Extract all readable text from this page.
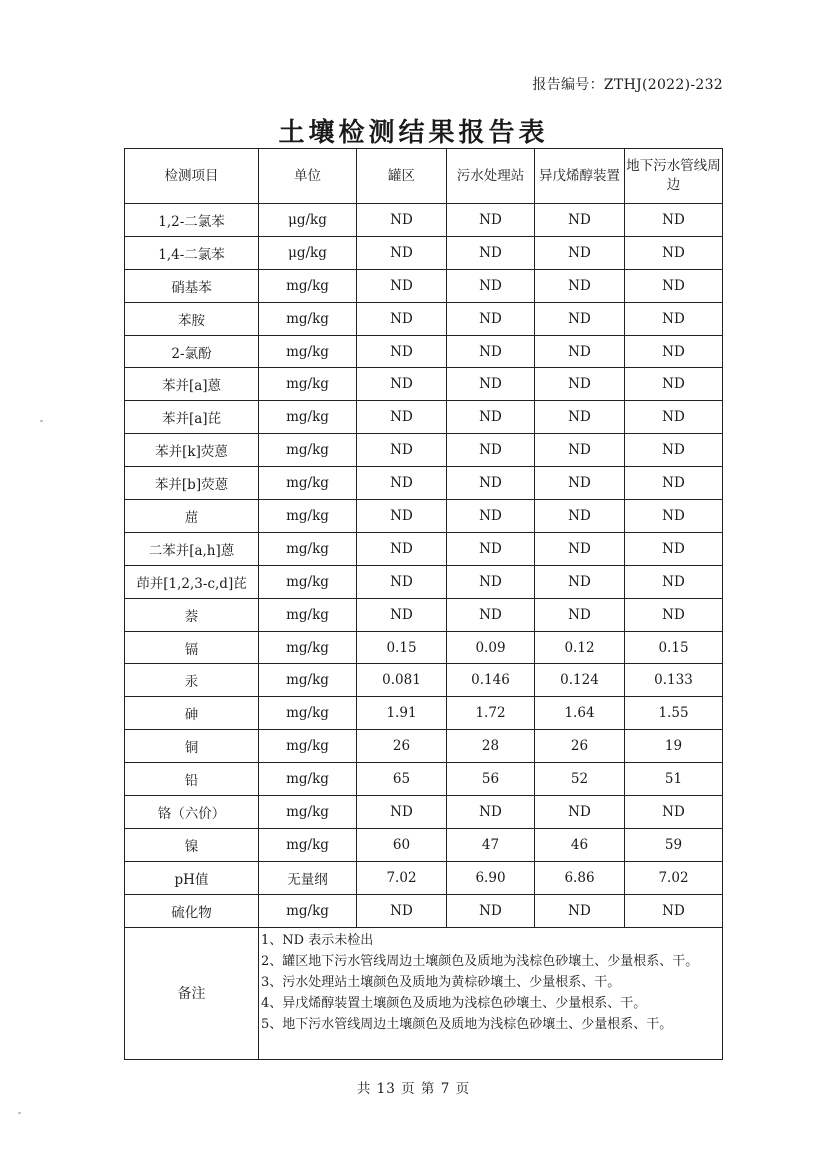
报告编号：ZTHJ(2022)-232
土壤检测结果报告表
检测项目	单位	罐区	污水处理站	异戊烯醇装置	地下污水管线周边
1,2-二氯苯	μg/kg	ND	ND	ND	ND
1,4-二氯苯	μg/kg	ND	ND	ND	ND
硝基苯	mg/kg	ND	ND	ND	ND
苯胺	mg/kg	ND	ND	ND	ND
2-氯酚	mg/kg	ND	ND	ND	ND
苯并[a]蒽	mg/kg	ND	ND	ND	ND
苯并[a]芘	mg/kg	ND	ND	ND	ND
苯并[k]荧蒽	mg/kg	ND	ND	ND	ND
苯并[b]荧蒽	mg/kg	ND	ND	ND	ND
䓛	mg/kg	ND	ND	ND	ND
二苯并[a,h]蒽	mg/kg	ND	ND	ND	ND
茚并[1,2,3-c,d]芘	mg/kg	ND	ND	ND	ND
萘	mg/kg	ND	ND	ND	ND
镉	mg/kg	0.15	0.09	0.12	0.15
汞	mg/kg	0.081	0.146	0.124	0.133
砷	mg/kg	1.91	1.72	1.64	1.55
铜	mg/kg	26	28	26	19
铅	mg/kg	65	56	52	51
铬（六价）	mg/kg	ND	ND	ND	ND
镍	mg/kg	60	47	46	59
pH值	无量纲	7.02	6.90	6.86	7.02
硫化物	mg/kg	ND	ND	ND	ND
备注	1、ND 表示未检出
2、罐区地下污水管线周边土壤颜色及质地为浅棕色砂壤土、少量根系、干。
3、污水处理站土壤颜色及质地为黄棕砂壤土、少量根系、干。
4、异戊烯醇装置土壤颜色及质地为浅棕色砂壤土、少量根系、干。
5、地下污水管线周边土壤颜色及质地为浅棕色砂壤土、少量根系、干。				
共 13 页 第 7 页
